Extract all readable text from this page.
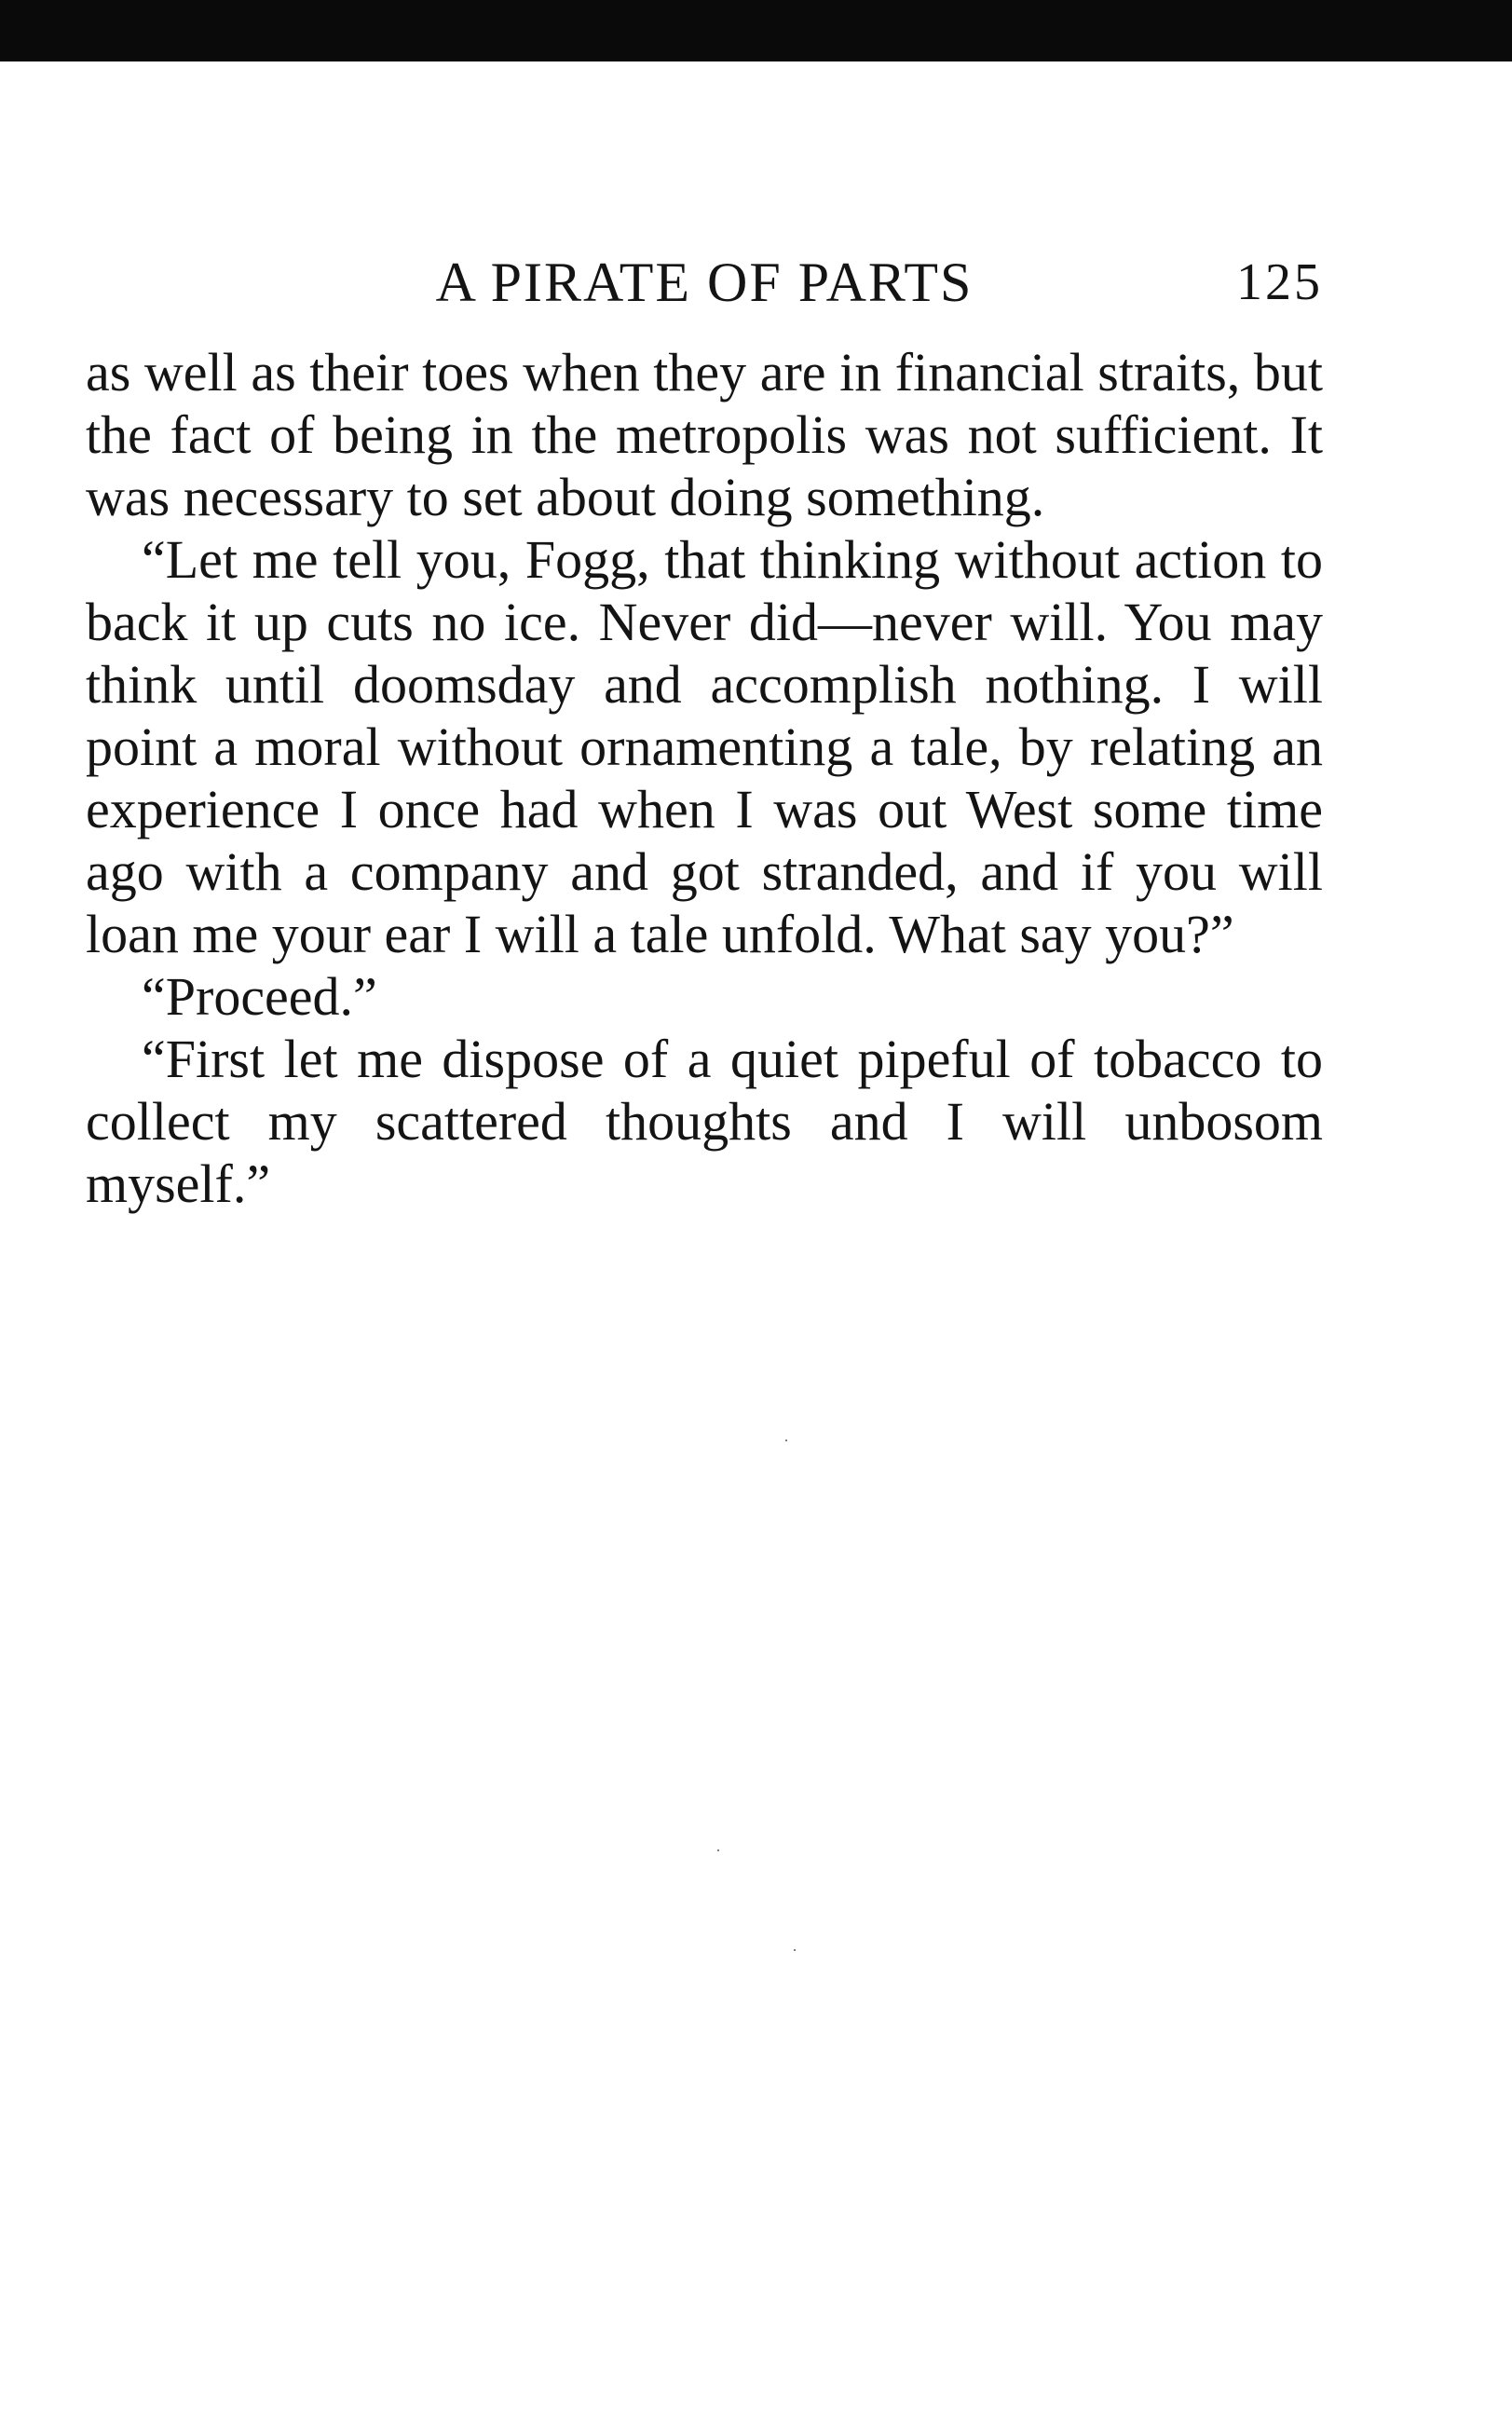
A PIRATE OF PARTS	125

as well as their toes when they are in financial straits, but the fact of being in the metropolis was not sufficient. It was necessary to set about doing something.

“Let me tell you, Fogg, that thinking without action to back it up cuts no ice. Never did—never will. You may think until doomsday and accomplish nothing. I will point a moral without ornamenting a tale, by relating an experience I once had when I was out West some time ago with a company and got stranded, and if you will loan me your ear I will a tale unfold. What say you?”

“Proceed.”

“First let me dispose of a quiet pipeful of tobacco to collect my scattered thoughts and I will unbosom myself.”
